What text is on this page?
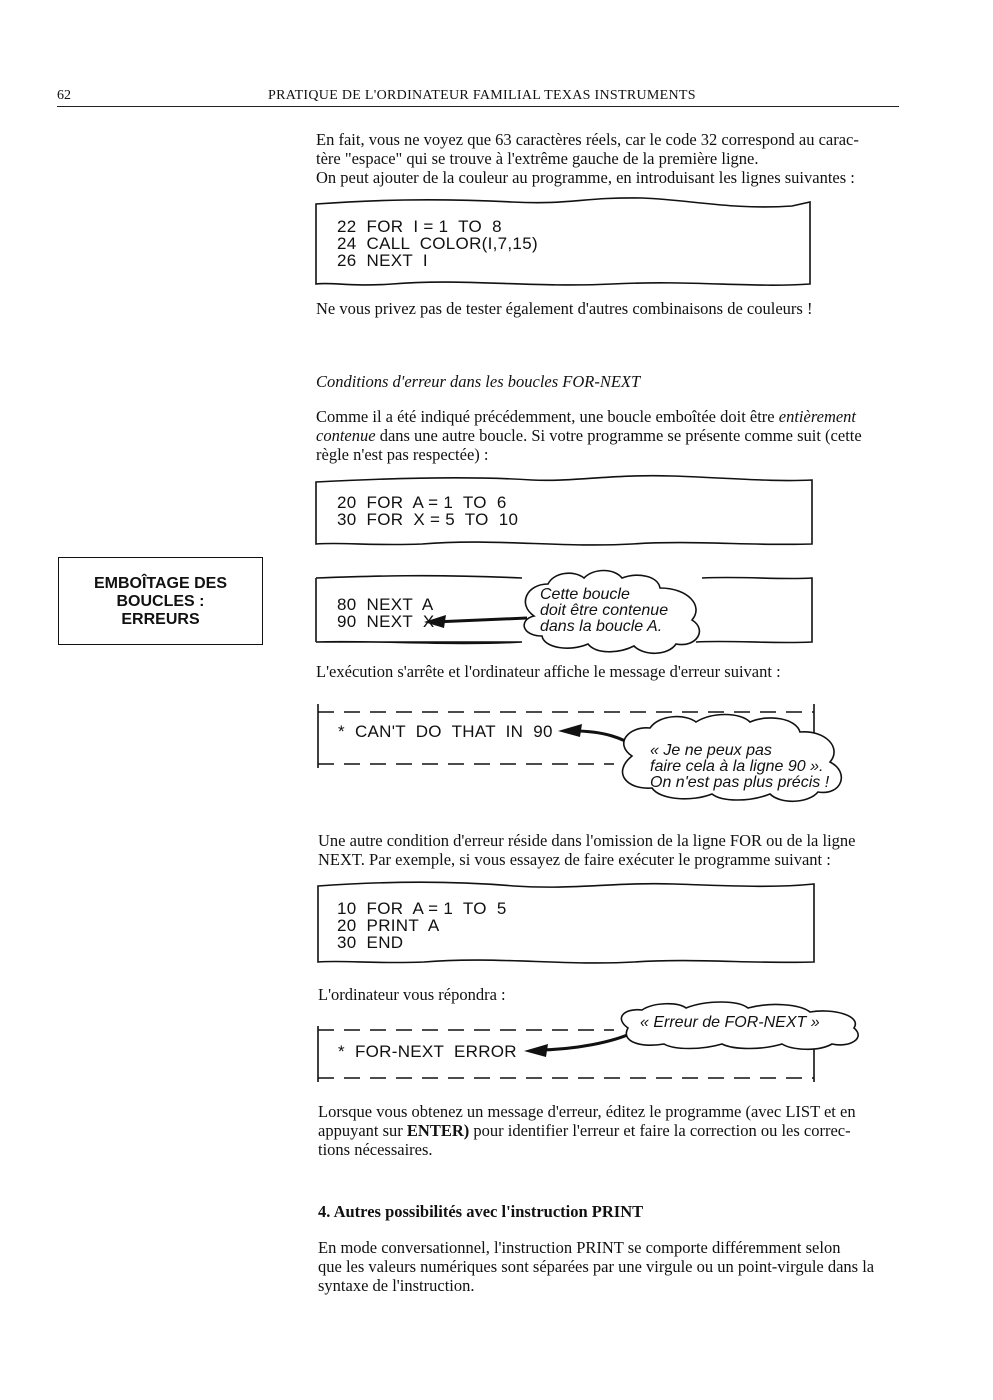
62	PRATIQUE DE L'ORDINATEUR FAMILIAL TEXAS INSTRUMENTS
En fait, vous ne voyez que 63 caractères réels, car le code 32 correspond au carac-
tère "espace" qui se trouve à l'extrême gauche de la première ligne.
On peut ajouter de la couleur au programme, en introduisant les lignes suivantes :
22  FOR  I = 1  TO  8
24  CALL  COLOR(I,7,15)
26  NEXT  I
Ne vous privez pas de tester également d'autres combinaisons de couleurs !
Conditions d'erreur dans les boucles FOR-NEXT
Comme il a été indiqué précédemment, une boucle emboîtée doit être entièrement
contenue dans une autre boucle. Si votre programme se présente comme suit (cette
règle n'est pas respectée) :
20  FOR  A = 1  TO  6
30  FOR  X = 5  TO  10
EMBOÎTAGE DES
BOUCLES :
ERREURS
80  NEXT  A
90  NEXT  X
Cette boucle
doit être contenue
dans la boucle A.
L'exécution s'arrête et l'ordinateur affiche le message d'erreur suivant :
*  CAN'T  DO  THAT  IN  90
« Je ne peux pas
faire cela à la ligne 90 ».
On n'est pas plus précis !
Une autre condition d'erreur réside dans l'omission de la ligne FOR ou de la ligne
NEXT. Par exemple, si vous essayez de faire exécuter le programme suivant :
10  FOR  A = 1  TO  5
20  PRINT  A
30  END
L'ordinateur vous répondra :
*  FOR-NEXT  ERROR
« Erreur de FOR-NEXT »
Lorsque vous obtenez un message d'erreur, éditez le programme (avec LIST et en
appuyant sur ENTER) pour identifier l'erreur et faire la correction ou les correc-
tions nécessaires.
4. Autres possibilités avec l'instruction PRINT
En mode conversationnel, l'instruction PRINT se comporte différemment selon
que les valeurs numériques sont séparées par une virgule ou un point-virgule dans la
syntaxe de l'instruction.
